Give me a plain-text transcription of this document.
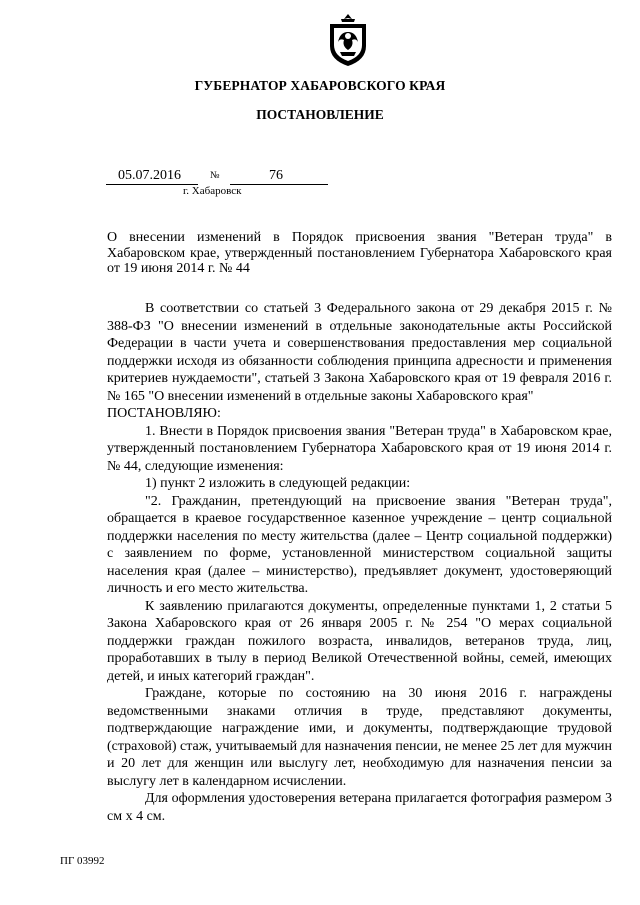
ГУБЕРНАТОР ХАБАРОВСКОГО КРАЯ
ПОСТАНОВЛЕНИЕ
05.07.2016	№	76
г. Хабаровск
О внесении изменений в Порядок присвоения звания "Ветеран труда" в Хабаровском крае, утвержденный постановлением Губернатора Хабаровского края от 19 июня 2014 г. № 44

В соответствии со статьей 3 Федерального закона от 29 декабря 2015 г. № 388-ФЗ "О внесении изменений в отдельные законодательные акты Российской Федерации в части учета и совершенствования предоставления мер социальной поддержки исходя из обязанности соблюдения принципа адресности и применения критериев нуждаемости", статьей 3 Закона Хабаровского края от 19 февраля 2016 г. № 165 "О внесении изменений в отдельные законы Хабаровского края"

ПОСТАНОВЛЯЮ:

1. Внести в Порядок присвоения звания "Ветеран труда" в Хабаровском крае, утвержденный постановлением Губернатора Хабаровского края от 19 июня 2014 г. № 44, следующие изменения:

1) пункт 2 изложить в следующей редакции:

"2. Гражданин, претендующий на присвоение звания "Ветеран труда", обращается в краевое государственное казенное учреждение – центр социальной поддержки населения по месту жительства (далее – Центр социальной поддержки) с заявлением по форме, установленной министерством социальной защиты населения края (далее – министерство), предъявляет документ, удостоверяющий личность и его место жительства.

К заявлению прилагаются документы, определенные пунктами 1, 2 статьи 5 Закона Хабаровского края от 26 января 2005 г. № 254 "О мерах социальной поддержки граждан пожилого возраста, инвалидов, ветеранов труда, лиц, проработавших в тылу в период Великой Отечественной войны, семей, имеющих детей, и иных категорий граждан".

Граждане, которые по состоянию на 30 июня 2016 г. награждены ведомственными знаками отличия в труде, представляют документы, подтверждающие награждение ими, и документы, подтверждающие трудовой (страховой) стаж, учитываемый для назначения пенсии, не менее 25 лет для мужчин и 20 лет для женщин или выслугу лет, необходимую для назначения пенсии за выслугу лет в календарном исчислении.

Для оформления удостоверения ветерана прилагается фотография размером 3 см х 4 см.

ПГ 03992
